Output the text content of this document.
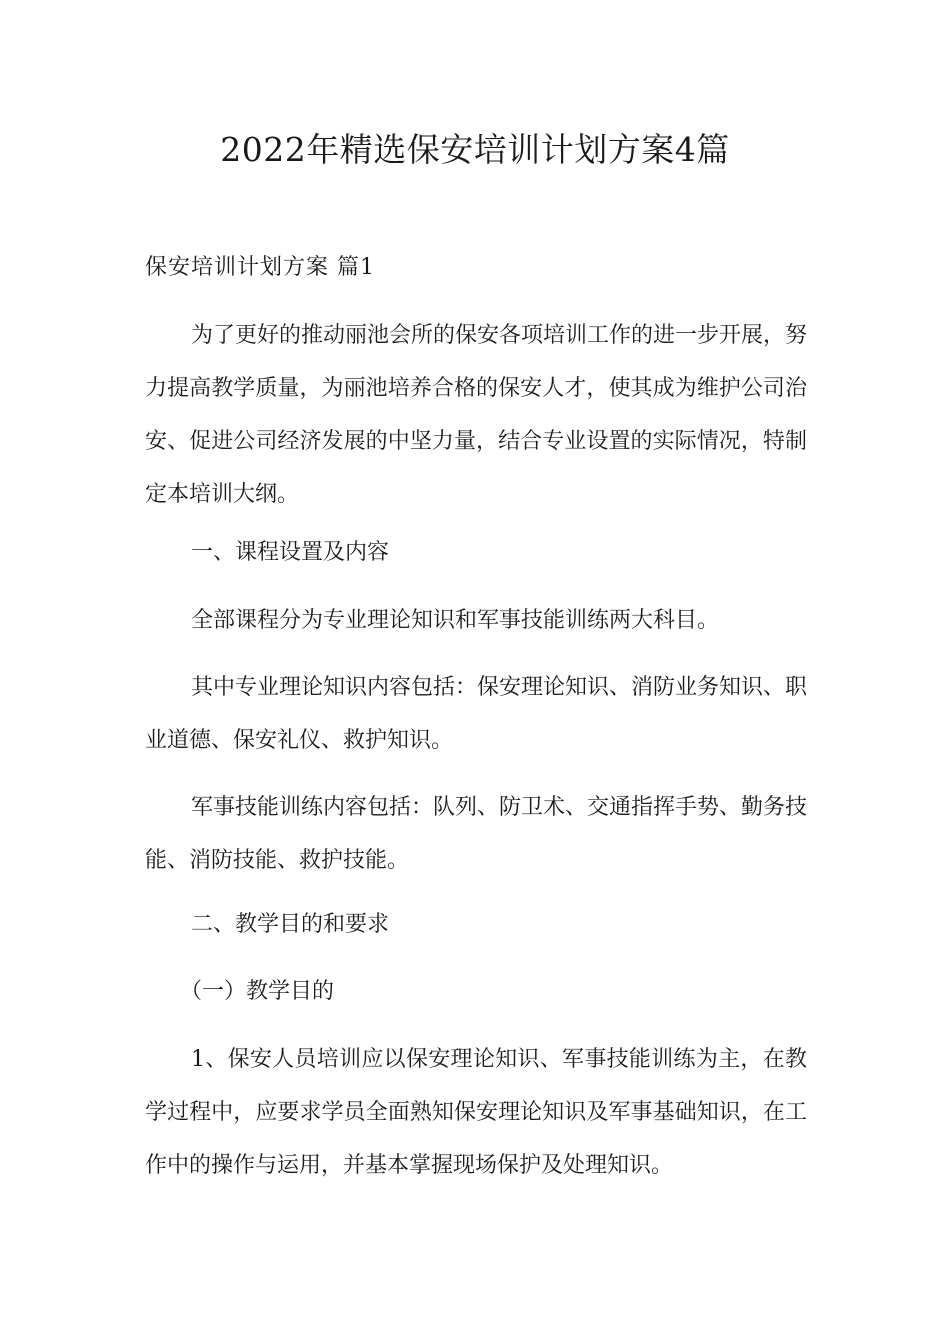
2022年精选保安培训计划方案4篇
保安培训计划方案 篇1

为了更好的推动丽池会所的保安各项培训工作的进一步开展，努力提高教学质量，为丽池培养合格的保安人才，使其成为维护公司治安、促进公司经济发展的中坚力量，结合专业设置的实际情况，特制定本培训大纲。

一、课程设置及内容

全部课程分为专业理论知识和军事技能训练两大科目。

其中专业理论知识内容包括：保安理论知识、消防业务知识、职业道德、保安礼仪、救护知识。

军事技能训练内容包括：队列、防卫术、交通指挥手势、勤务技能、消防技能、救护技能。

二、教学目的和要求

（一）教学目的

1、保安人员培训应以保安理论知识、军事技能训练为主，在教学过程中，应要求学员全面熟知保安理论知识及军事基础知识，在工作中的操作与运用，并基本掌握现场保护及处理知识。
